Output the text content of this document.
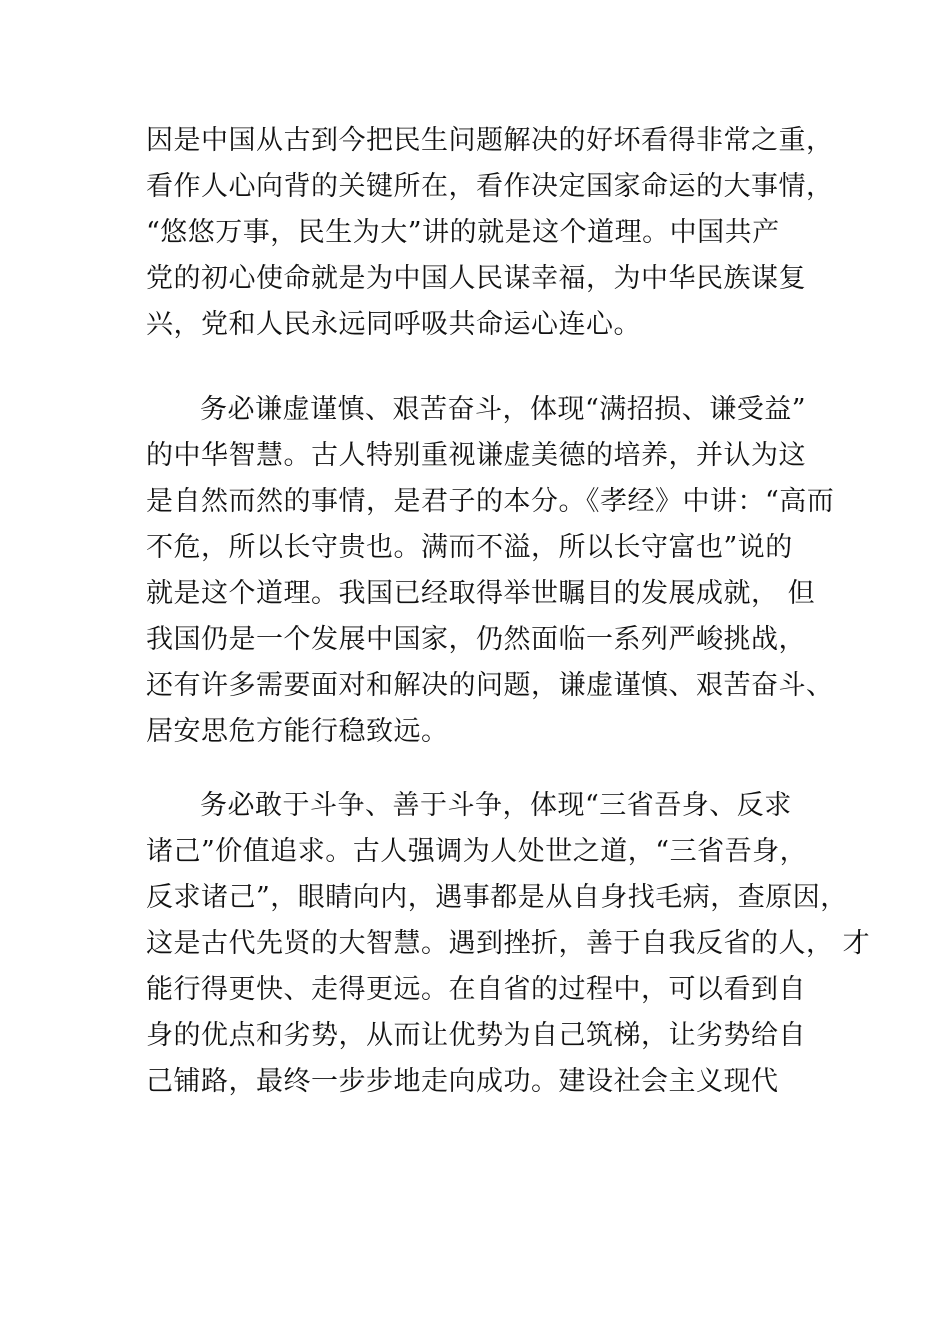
因是中国从古到今把民生问题解决的好坏看得非常之重，
看作人心向背的关键所在，看作决定国家命运的大事情，
“悠悠万事，民生为大”讲的就是这个道理。中国共产
党的初心使命就是为中国人民谋幸福，为中华民族谋复
兴，党和人民永远同呼吸共命运心连心。
务必谦虚谨慎、艰苦奋斗，体现“满招损、谦受益”
的中华智慧。古人特别重视谦虚美德的培养，并认为这
是自然而然的事情，是君子的本分。《孝经》中讲：“高而
不危，所以长守贵也。满而不溢，所以长守富也”说的
就是这个道理。我国已经取得举世瞩目的发展成就， 但
我国仍是一个发展中国家，仍然面临一系列严峻挑战，
还有许多需要面对和解决的问题，谦虚谨慎、艰苦奋斗、
居安思危方能行稳致远。
务必敢于斗争、善于斗争，体现“三省吾身、反求
诸己”价值追求。古人强调为人处世之道，“三省吾身，
反求诸己”，眼睛向内，遇事都是从自身找毛病，查原因，
这是古代先贤的大智慧。遇到挫折，善于自我反省的人， 才
能行得更快、走得更远。在自省的过程中，可以看到自
身的优点和劣势，从而让优势为自己筑梯，让劣势给自
己铺路，最终一步步地走向成功。建设社会主义现代
